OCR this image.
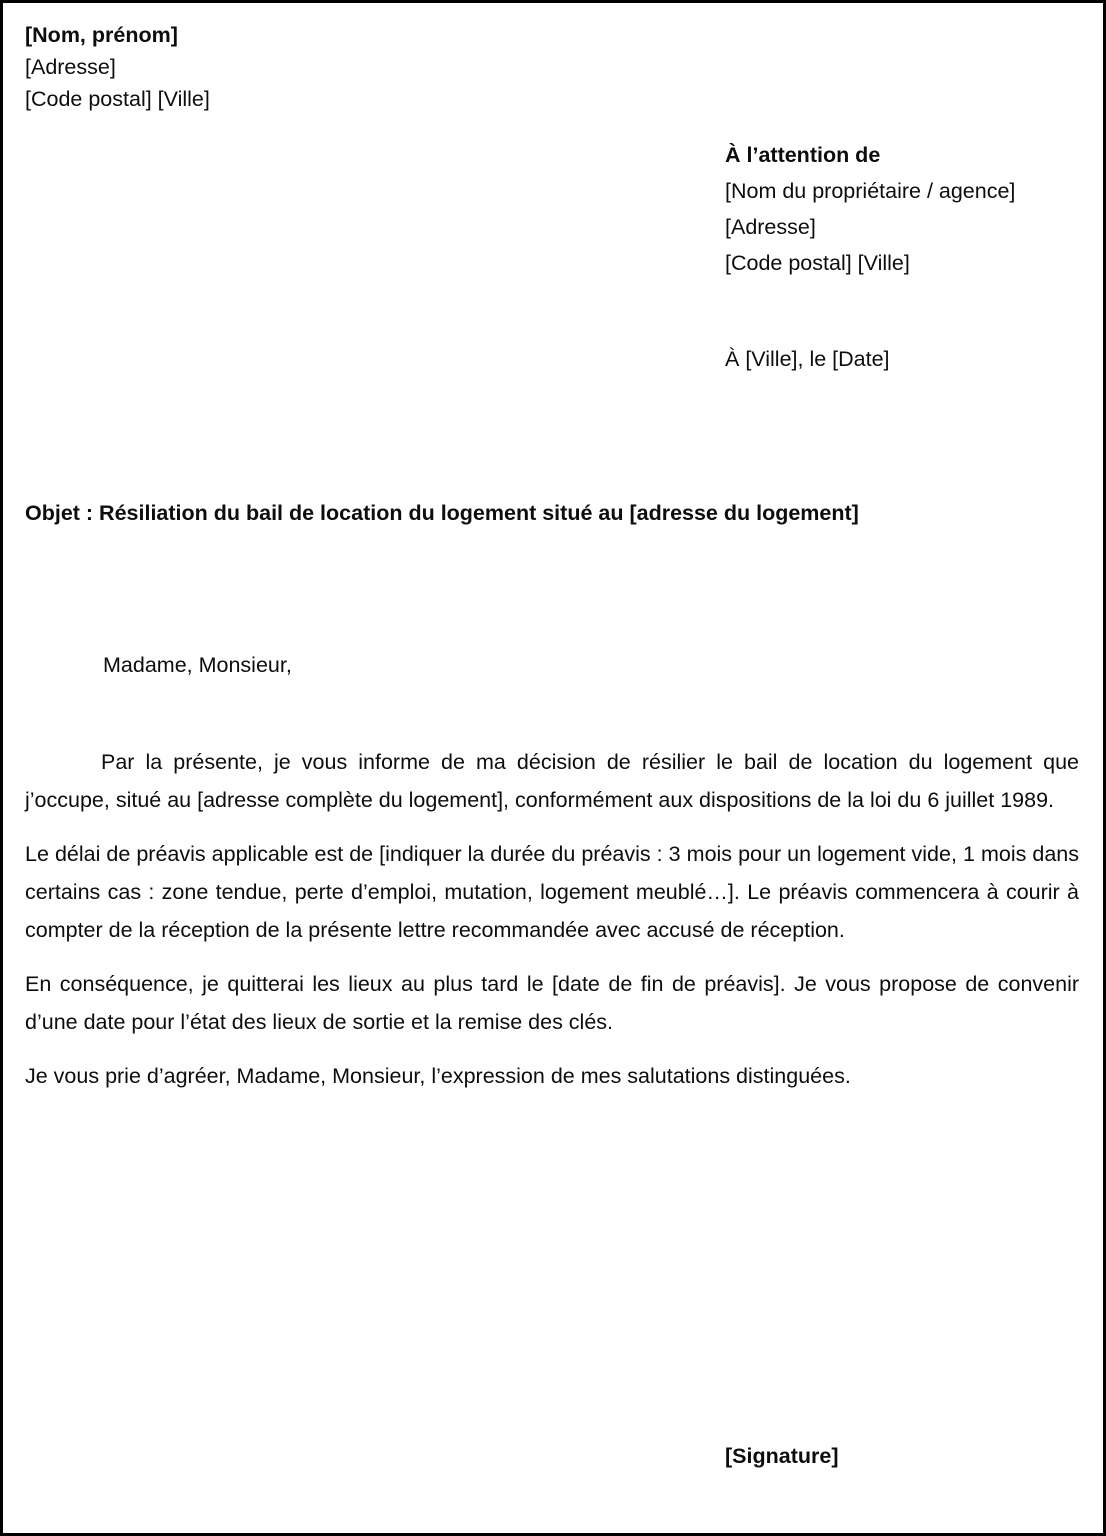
[Nom, prénom]
[Adresse]
[Code postal] [Ville]
À l’attention de
[Nom du propriétaire / agence]
[Adresse]
[Code postal] [Ville]
À [Ville], le [Date]
Objet : Résiliation du bail de location du logement situé au [adresse du logement]
Madame, Monsieur,

Par la présente, je vous informe de ma décision de résilier le bail de location du logement que j’occupe, situé au [adresse complète du logement], conformément aux dispositions de la loi du 6 juillet 1989.

Le délai de préavis applicable est de [indiquer la durée du préavis : 3 mois pour un logement vide, 1 mois dans certains cas : zone tendue, perte d’emploi, mutation, logement meublé…]. Le préavis commencera à courir à compter de la réception de la présente lettre recommandée avec accusé de réception.

En conséquence, je quitterai les lieux au plus tard le [date de fin de préavis]. Je vous propose de convenir d’une date pour l’état des lieux de sortie et la remise des clés.

Je vous prie d’agréer, Madame, Monsieur, l’expression de mes salutations distinguées.

[Signature]
